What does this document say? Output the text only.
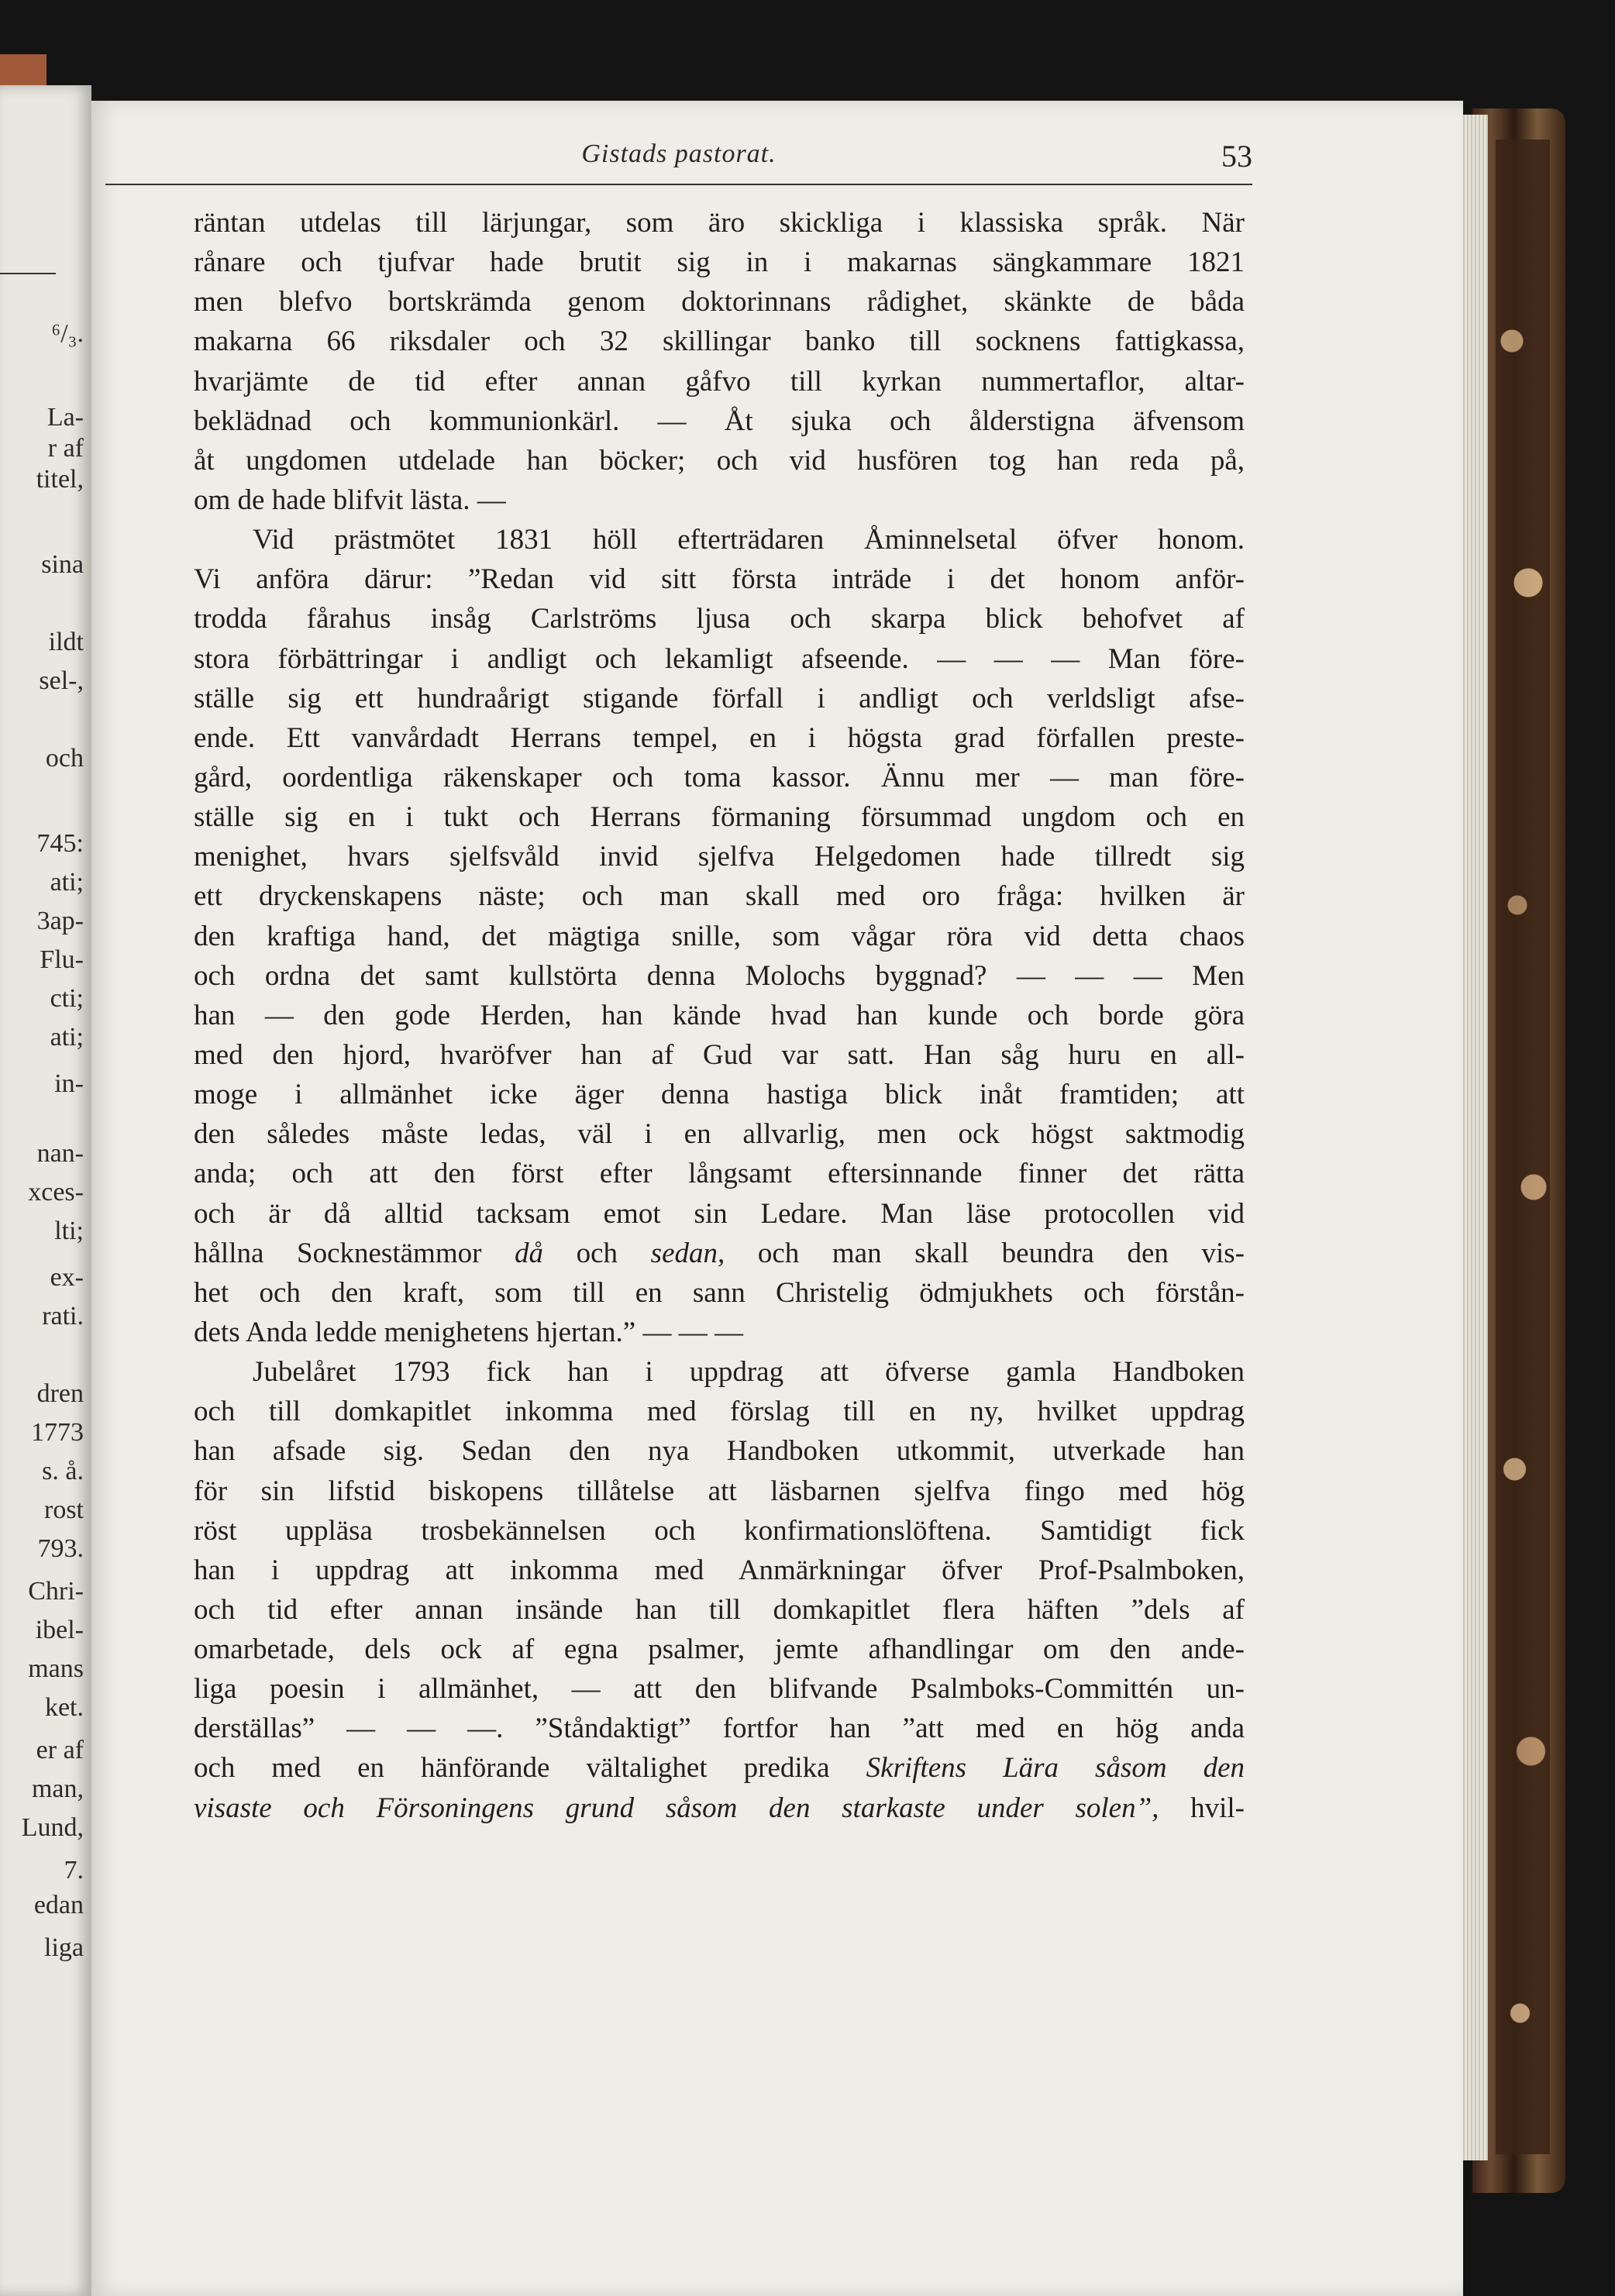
⁶/₃.
La-
r af
titel,
sina
ildt
sel-,
och
745:
ati;
3ap-
Flu-
cti;
ati;
in-
nan-
xces-
lti;
ex-
rati.
dren
1773
s. å.
rost
793.
Chri-
ibel-
mans
ket.
er af
man,
Lund,
7.
edan
liga
Gistads pastorat.	53
räntan utdelas till lärjungar, som äro skickliga i klassiska språk. När
rånare och tjufvar hade brutit sig in i makarnas sängkammare 1821
men blefvo bortskrämda genom doktorinnans rådighet, skänkte de båda
makarna 66 riksdaler och 32 skillingar banko till socknens fattigkassa,
hvarjämte de tid efter annan gåfvo till kyrkan nummertaflor, altar-
beklädnad och kommunionkärl. — Åt sjuka och ålderstigna äfvensom
åt ungdomen utdelade han böcker; och vid husfören tog han reda på,
om de hade blifvit lästa. —
Vid prästmötet 1831 höll efterträdaren Åminnelsetal öfver honom.
Vi anföra därur: ”Redan vid sitt första inträde i det honom anför-
trodda fårahus insåg Carlströms ljusa och skarpa blick behofvet af
stora förbättringar i andligt och lekamligt afseende. — — — Man före-
ställe sig ett hundraårigt stigande förfall i andligt och verldsligt afse-
ende. Ett vanvårdadt Herrans tempel, en i högsta grad förfallen preste-
gård, oordentliga räkenskaper och toma kassor. Ännu mer — man före-
ställe sig en i tukt och Herrans förmaning försummad ungdom och en
menighet, hvars sjelfsvåld invid sjelfva Helgedomen hade tillredt sig
ett dryckenskapens näste; och man skall med oro fråga: hvilken är
den kraftiga hand, det mägtiga snille, som vågar röra vid detta chaos
och ordna det samt kullstörta denna Molochs byggnad? — — — Men
han — den gode Herden, han kände hvad han kunde och borde göra
med den hjord, hvaröfver han af Gud var satt. Han såg huru en all-
moge i allmänhet icke äger denna hastiga blick inåt framtiden; att
den således måste ledas, väl i en allvarlig, men ock högst saktmodig
anda; och att den först efter långsamt eftersinnande finner det rätta
och är då alltid tacksam emot sin Ledare. Man läse protocollen vid
hållna Socknestämmor då och sedan, och man skall beundra den vis-
het och den kraft, som till en sann Christelig ödmjukhets och förstån-
dets Anda ledde menighetens hjertan.” — — —
Jubelåret 1793 fick han i uppdrag att öfverse gamla Handboken
och till domkapitlet inkomma med förslag till en ny, hvilket uppdrag
han afsade sig. Sedan den nya Handboken utkommit, utverkade han
för sin lifstid biskopens tillåtelse att läsbarnen sjelfva fingo med hög
röst uppläsa trosbekännelsen och konfirmationslöftena. Samtidigt fick
han i uppdrag att inkomma med Anmärkningar öfver Prof-Psalmboken,
och tid efter annan insände han till domkapitlet flera häften ”dels af
omarbetade, dels ock af egna psalmer, jemte afhandlingar om den ande-
liga poesin i allmänhet, — att den blifvande Psalmboks-Committén un-
derställas” — — —. ”Ståndaktigt” fortfor han ”att med en hög anda
och med en hänförande vältalighet predika Skriftens Lära såsom den
visaste och Försoningens grund såsom den starkaste under solen”, hvil-
